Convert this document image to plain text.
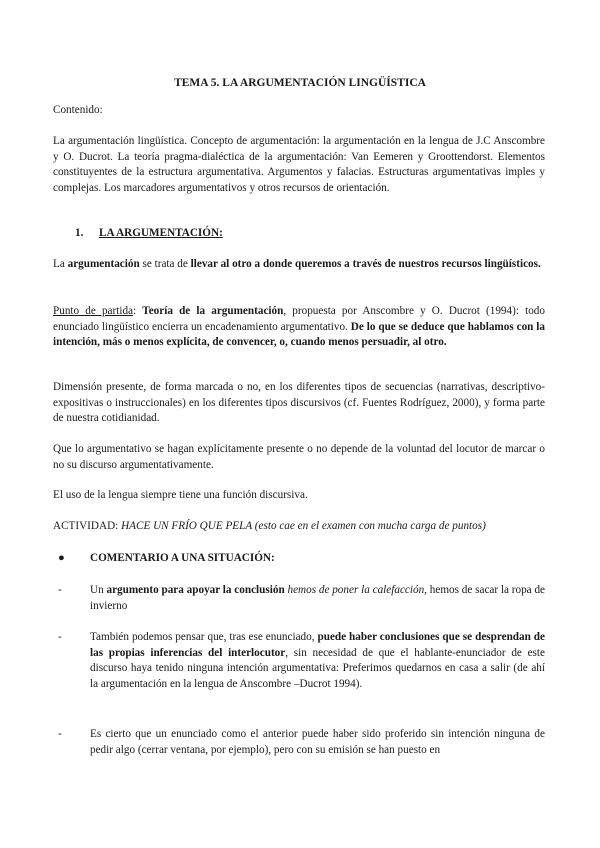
TEMA 5. LA ARGUMENTACIÓN LINGÜÍSTICA

Contenido:

La argumentación lingüística. Concepto de argumentación: la argumentación en la lengua de J.C Anscombre y O. Ducrot. La teoría pragma-dialéctica de la argumentación: Van Eemeren y Groottendorst. Elementos constituyentes de la estructura argumentativa. Argumentos y falacias. Estructuras argumentativas imples y complejas. Los marcadores argumentativos y otros recursos de orientación.

1. LA ARGUMENTACIÓN:

La argumentación se trata de llevar al otro a donde queremos a través de nuestros recursos lingüísticos.

Punto de partida: Teoría de la argumentación, propuesta por Anscombre y O. Ducrot (1994): todo enunciado lingüístico encierra un encadenamiento argumentativo. De lo que se deduce que hablamos con la intención, más o menos explícita, de convencer, o, cuando menos persuadir, al otro.

Dimensión presente, de forma marcada o no, en los diferentes tipos de secuencias (narrativas, descriptivo-expositivas o instruccionales) en los diferentes tipos discursivos (cf. Fuentes Rodríguez, 2000), y forma parte de nuestra cotidianidad.

Que lo argumentativo se hagan explícitamente presente o no depende de la voluntad del locutor de marcar o no su discurso argumentativamente.

El uso de la lengua siempre tiene una función discursiva.

ACTIVIDAD: HACE UN FRÍO QUE PELA (esto cae en el examen con mucha carga de puntos)

● COMENTARIO A UNA SITUACIÓN:

-	Un argumento para apoyar la conclusión hemos de poner la calefacción, hemos de sacar la ropa de invierno
-	También podemos pensar que, tras ese enunciado, puede haber conclusiones que se desprendan de las propias inferencias del interlocutor, sin necesidad de que el hablante-enunciador de este discurso haya tenido ninguna intención argumentativa: Preferimos quedarnos en casa a salir (de ahí la argumentación en la lengua de Anscombre –Ducrot 1994).
-	Es cierto que un enunciado como el anterior puede haber sido proferido sin intención ninguna de pedir algo (cerrar ventana, por ejemplo), pero con su emisión se han puesto en
